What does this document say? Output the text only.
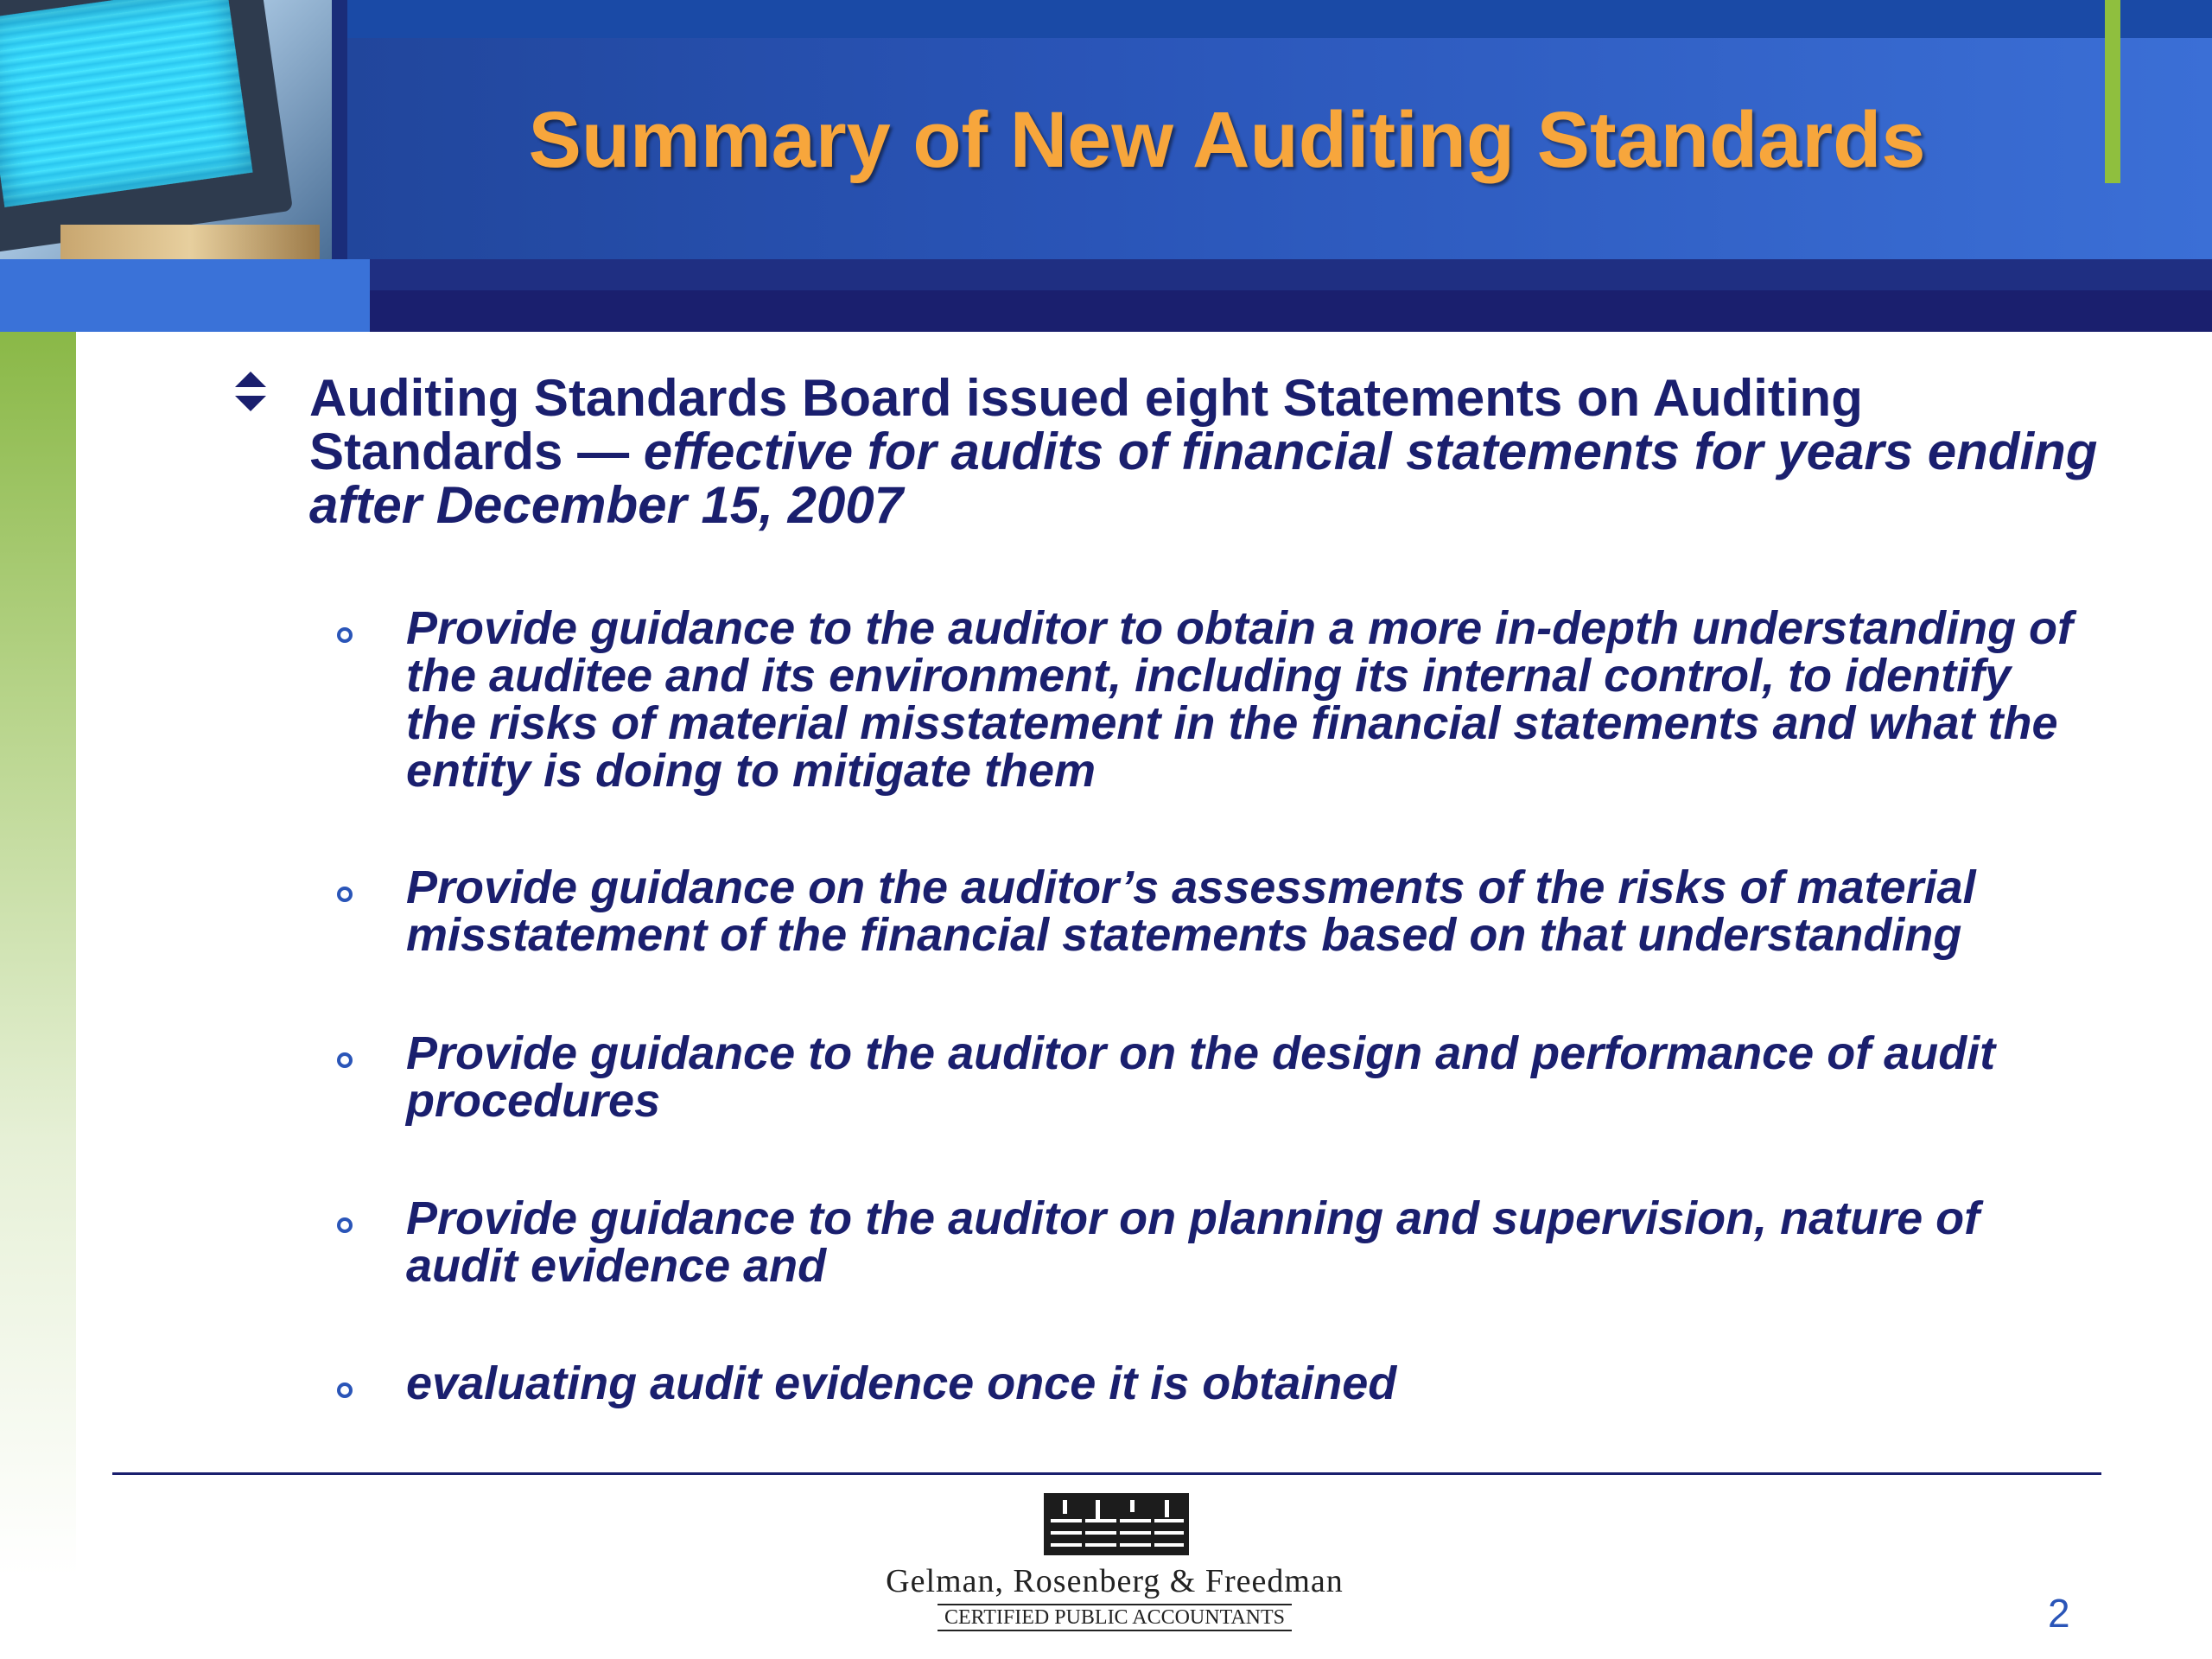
Summary of New Auditing Standards
Auditing Standards Board issued eight Statements on Auditing Standards — effective for audits of financial statements for years ending after December 15, 2007
Provide guidance to the auditor to obtain a more in-depth understanding of the auditee and its environment, including its internal control, to identify the risks of material misstatement in the financial statements and what the entity is doing to mitigate them
Provide guidance on the auditor’s assessments of the risks of material misstatement of the financial statements based on that understanding
Provide guidance to the auditor on the design and performance of audit procedures
Provide guidance to the auditor on planning and supervision, nature of audit evidence and
evaluating audit evidence once it is obtained
Gelman, Rosenberg & Freedman
CERTIFIED PUBLIC ACCOUNTANTS	2
